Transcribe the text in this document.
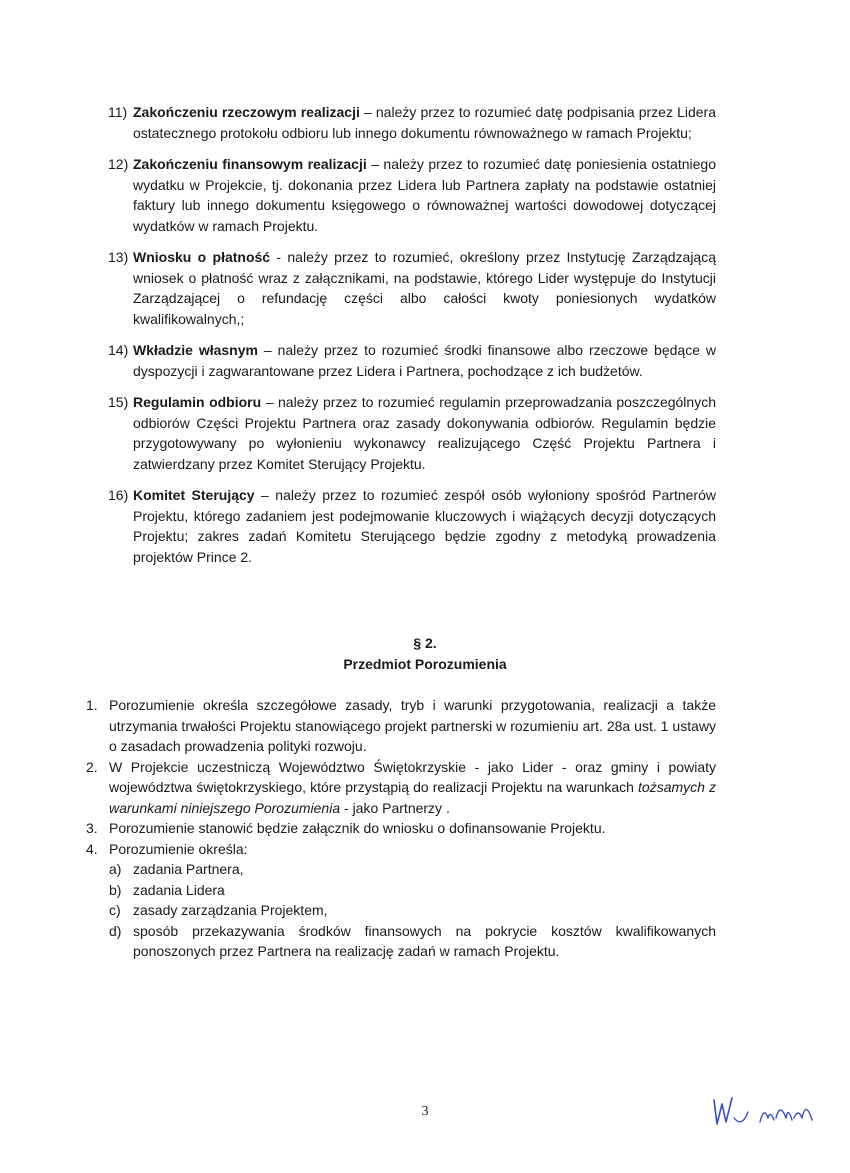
11) Zakończeniu rzeczowym realizacji – należy przez to rozumieć datę podpisania przez Lidera ostatecznego protokołu odbioru lub innego dokumentu równoważnego w ramach Projektu;
12) Zakończeniu finansowym realizacji – należy przez to rozumieć datę poniesienia ostatniego wydatku w Projekcie, tj. dokonania przez Lidera lub Partnera zapłaty na podstawie ostatniej faktury lub innego dokumentu księgowego o równoważnej wartości dowodowej dotyczącej wydatków w ramach Projektu.
13) Wniosku o płatność - należy przez to rozumieć, określony przez Instytucję Zarządzającą wniosek o płatność wraz z załącznikami, na podstawie, którego Lider występuje do Instytucji Zarządzającej o refundację części albo całości kwoty poniesionych wydatków kwalifikowalnych,;
14) Wkładzie własnym – należy przez to rozumieć środki finansowe albo rzeczowe będące w dyspozycji i zagwarantowane przez Lidera i Partnera, pochodzące z ich budżetów.
15) Regulamin odbioru – należy przez to rozumieć regulamin przeprowadzania poszczególnych odbiorów Części Projektu Partnera oraz zasady dokonywania odbiorów. Regulamin będzie przygotowywany po wyłonieniu wykonawcy realizującego Część Projektu Partnera i zatwierdzany przez Komitet Sterujący Projektu.
16) Komitet Sterujący – należy przez to rozumieć zespół osób wyłoniony spośród Partnerów Projektu, którego zadaniem jest podejmowanie kluczowych i wiążących decyzji dotyczących Projektu; zakres zadań Komitetu Sterującego będzie zgodny z metodyką prowadzenia projektów Prince 2.
§ 2.
Przedmiot Porozumienia
1. Porozumienie określa szczegółowe zasady, tryb i warunki przygotowania, realizacji a także utrzymania trwałości Projektu stanowiącego projekt partnerski w rozumieniu art. 28a ust. 1 ustawy o zasadach prowadzenia polityki rozwoju.
2. W Projekcie uczestniczą Województwo Świętokrzyskie - jako Lider - oraz gminy i powiaty województwa świętokrzyskiego, które przystąpią do realizacji Projektu na warunkach tożsamych z warunkami niniejszego Porozumienia - jako Partnerzy .
3. Porozumienie stanowić będzie załącznik do wniosku o dofinansowanie Projektu.
4. Porozumienie określa:
a) zadania Partnera,
b) zadania Lidera
c) zasady zarządzania Projektem,
d) sposób przekazywania środków finansowych na pokrycie kosztów kwalifikowanych ponoszonych przez Partnera na realizację zadań w ramach Projektu.
3
